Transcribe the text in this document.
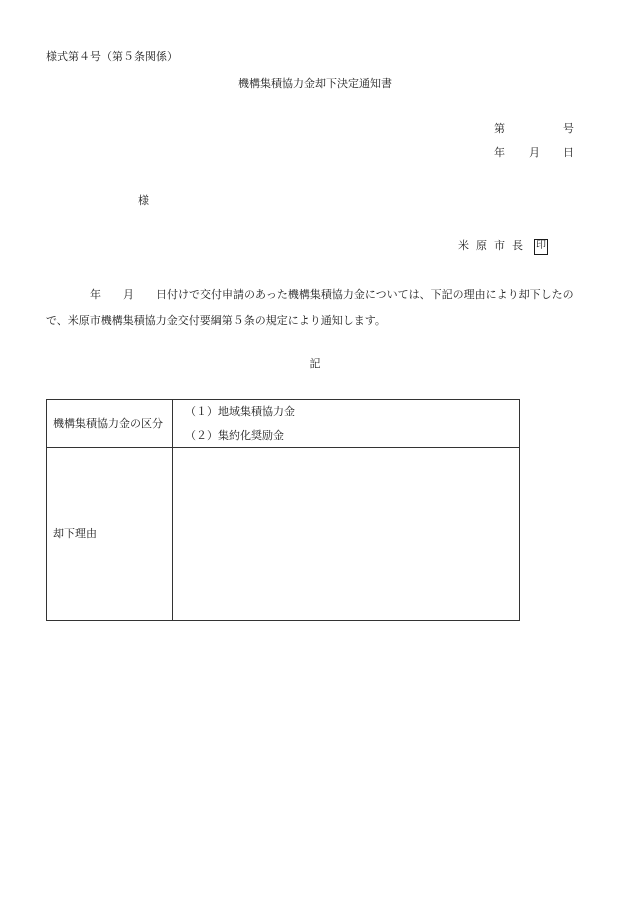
様式第４号（第５条関係）
機構集積協力金却下決定通知書
第	号
年 月 日
様
米 原 市 長 印
年 月 日付けで交付申請のあった機構集積協力金については、下記の理由により却下したの
で、米原市機構集積協力金交付要綱第５条の規定により通知します。
記
機構集積協力金の区分	（１）地域集積協力金
（２）集約化奨励金

却下理由	
